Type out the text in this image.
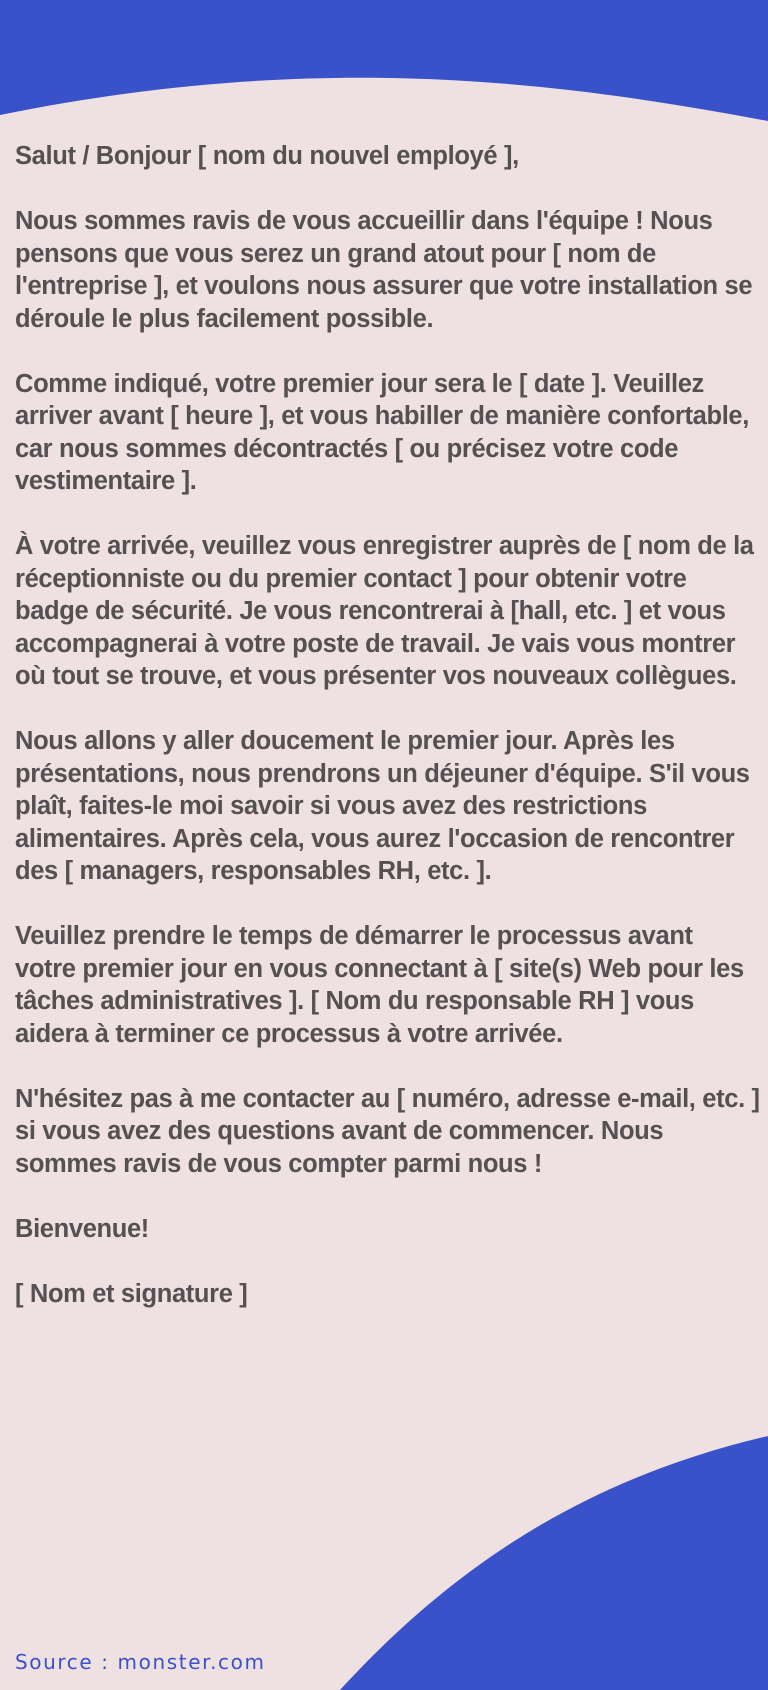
Salut / Bonjour [ nom du nouvel employé ],

Nous sommes ravis de vous accueillir dans l'équipe ! Nous pensons que vous serez un grand atout pour [ nom de l'entreprise ], et voulons nous assurer que votre installation se déroule le plus facilement possible.

Comme indiqué, votre premier jour sera le [ date ]. Veuillez arriver avant [ heure ], et vous habiller de manière confortable, car nous sommes décontractés [ ou précisez votre code vestimentaire ].

À votre arrivée, veuillez vous enregistrer auprès de [ nom de la réceptionniste ou du premier contact ] pour obtenir votre badge de sécurité. Je vous rencontrerai à [hall, etc. ] et vous accompagnerai à votre poste de travail. Je vais vous montrer où tout se trouve, et vous présenter vos nouveaux collègues.

Nous allons y aller doucement le premier jour. Après les présentations, nous prendrons un déjeuner d'équipe. S'il vous plaît, faites-le moi savoir si vous avez des restrictions alimentaires. Après cela, vous aurez l'occasion de rencontrer des [ managers, responsables RH, etc. ].

Veuillez prendre le temps de démarrer le processus avant votre premier jour en vous connectant à [ site(s) Web pour les tâches administratives ]. [ Nom du responsable RH ] vous aidera à terminer ce processus à votre arrivée.

N'hésitez pas à me contacter au [ numéro, adresse e-mail, etc. ] si vous avez des questions avant de commencer. Nous sommes ravis de vous compter parmi nous !

Bienvenue!

[ Nom et signature ]

Source : monster.com
